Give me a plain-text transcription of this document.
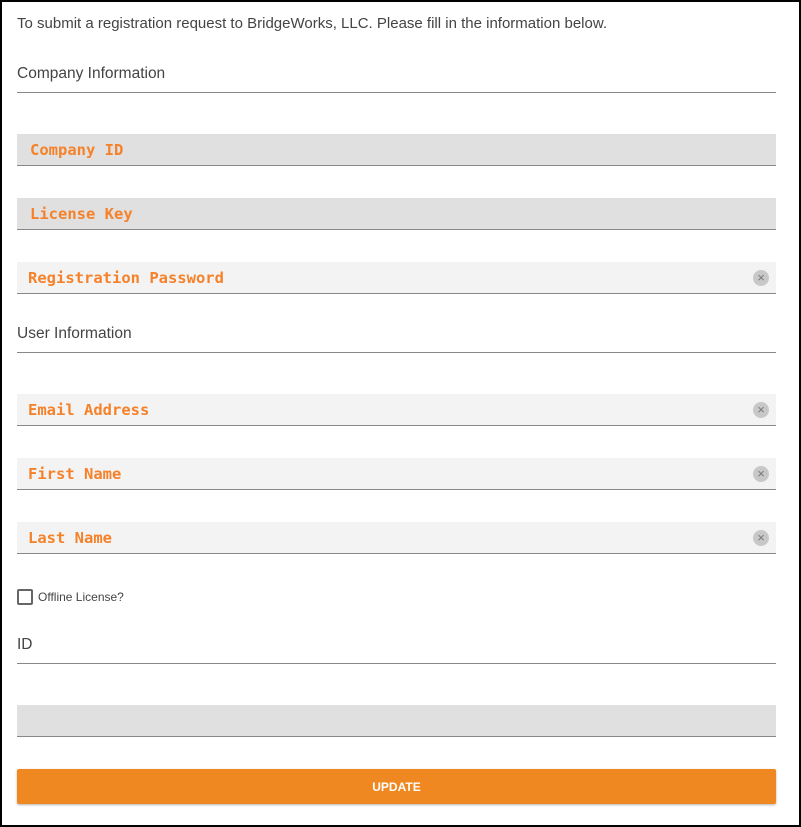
To submit a registration request to BridgeWorks, LLC. Please fill in the information below.
Company Information
Company ID
License Key
Registration Password	×
User Information
Email Address	×
First Name	×
Last Name	×
Offline License?
ID
UPDATE
